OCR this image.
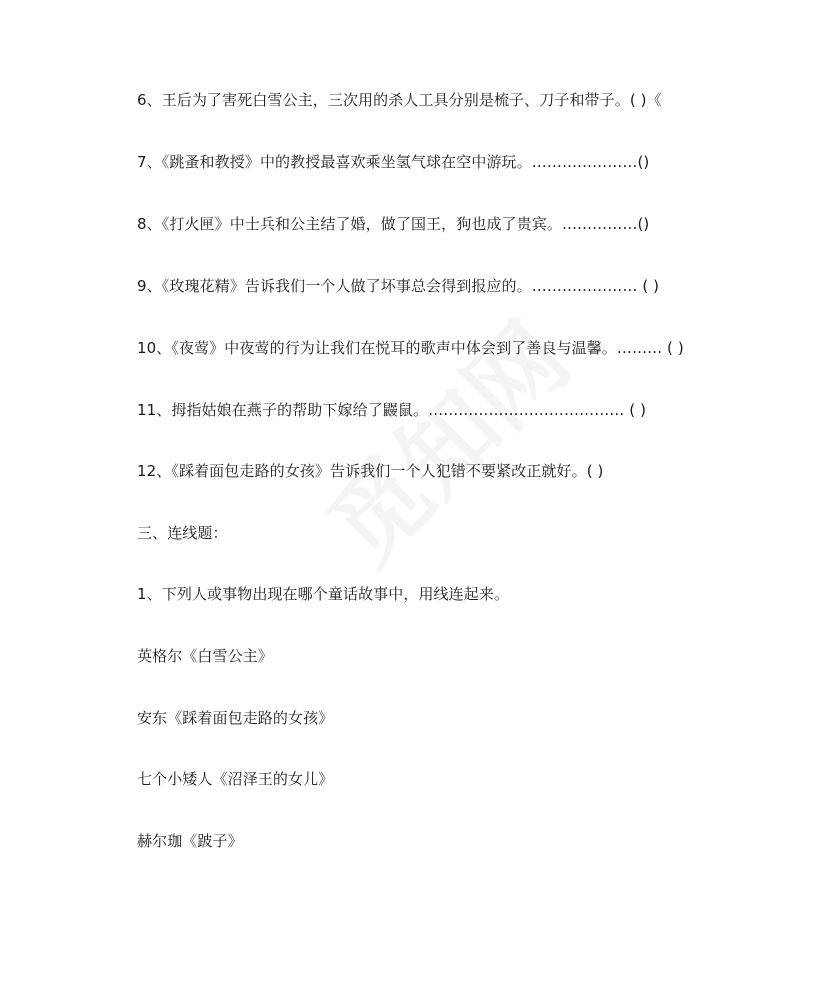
6、王后为了害死白雪公主，三次用的杀人工具分别是梳子、刀子和带子。( )《
7、《跳蚤和教授》中的教授最喜欢乘坐氢气球在空中游玩。…………………()
8、《打火匣》中士兵和公主结了婚，做了国王，狗也成了贵宾。……………()
9、《玫瑰花精》告诉我们一个人做了坏事总会得到报应的。………………… ( )
10、《夜莺》中夜莺的行为让我们在悦耳的歌声中体会到了善良与温馨。……… ( )
11、拇指姑娘在燕子的帮助下嫁给了鼹鼠。………………………………… ( )
12、《踩着面包走路的女孩》告诉我们一个人犯错不要紧改正就好。( )
三、连线题：
1、下列人或事物出现在哪个童话故事中，用线连起来。
英格尔《白雪公主》
安东《踩着面包走路的女孩》
七个小矮人《沼泽王的女儿》
赫尔珈《跛子》
